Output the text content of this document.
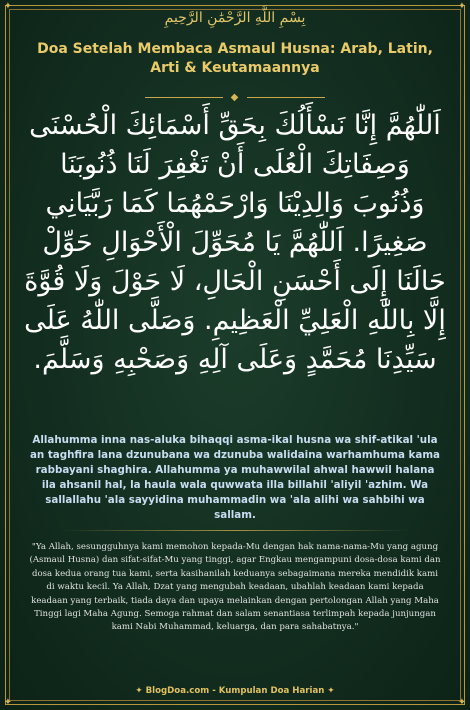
✦	✦
✦	✦
بِسْمِ اللَّهِ الرَّحْمَٰنِ الرَّحِيمِ
Doa Setelah Membaca Asmaul Husna: Arab, Latin, Arti & Keutamaannya
◆
اَللّٰهُمَّ إِنَّا نَسْأَلُكَ بِحَقِّ أَسْمَائِكَ الْحُسْنَى وَصِفَاتِكَ الْعُلَى أَنْ تَغْفِرَ لَنَا ذُنُوبَنَا وَذُنُوبَ وَالِدِيْنَا وَارْحَمْهُمَا كَمَا رَبَّيَانِي صَغِيرًا. اَللّٰهُمَّ يَا مُحَوِّلَ الْأَحْوَالِ حَوِّلْ حَالَنَا إِلَى أَحْسَنِ الْحَالِ، لَا حَوْلَ وَلَا قُوَّةَ إِلَّا بِاللّٰهِ الْعَلِيِّ الْعَظِيمِ. وَصَلَّى اللّٰهُ عَلَى سَيِّدِنَا مُحَمَّدٍ وَعَلَى آلِهِ وَصَحْبِهِ وَسَلَّمَ.
Allahumma inna nas-aluka bihaqqi asma-ikal husna wa shif-atikal 'ula an taghfira lana dzunubana wa dzunuba walidaina warhamhuma kama rabbayani shaghira. Allahumma ya muhawwilal ahwal hawwil halana ila ahsanil hal, la haula wala quwwata illa billahil 'aliyil 'azhim. Wa sallallahu 'ala sayyidina muhammadin wa 'ala alihi wa sahbihi wa sallam.
"Ya Allah, sesungguhnya kami memohon kepada-Mu dengan hak nama-nama-Mu yang agung (Asmaul Husna) dan sifat-sifat-Mu yang tinggi, agar Engkau mengampuni dosa-dosa kami dan dosa kedua orang tua kami, serta kasihanilah keduanya sebagaimana mereka mendidik kami di waktu kecil. Ya Allah, Dzat yang mengubah keadaan, ubahlah keadaan kami kepada keadaan yang terbaik, tiada daya dan upaya melainkan dengan pertolongan Allah yang Maha Tinggi lagi Maha Agung. Semoga rahmat dan salam senantiasa terlimpah kepada junjungan kami Nabi Muhammad, keluarga, dan para sahabatnya."
✦ BlogDoa.com - Kumpulan Doa Harian ✦
